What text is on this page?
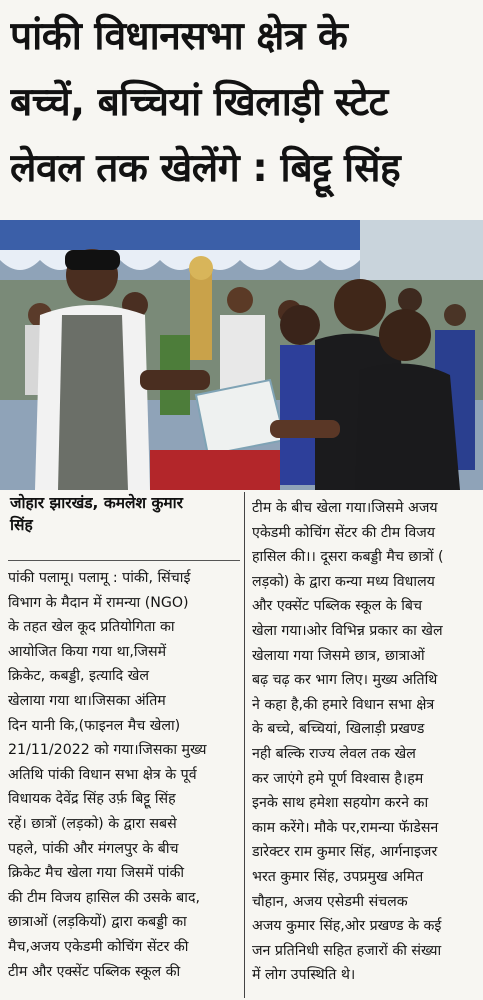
पांकी विधानसभा क्षेत्र के
बच्चें, बच्चियां खिलाड़ी स्टेट
लेवल तक खेलेंगे : बिट्टू सिंह
जोहार झारखंड, कमलेश कुमार
सिंह
पांकी पलामू। पलामू : पांकी, सिंचाई
विभाग के मैदान में रामन्या (NGO)
के तहत खेल कूद प्रतियोगिता का
आयोजित किया गया था,जिसमें
क्रिकेट, कबड्डी, इत्यादि खेल
खेलाया गया था।जिसका अंतिम
दिन यानी कि,(फाइनल मैच खेला)
21/11/2022 को गया।जिसका मुख्य
अतिथि पांकी विधान सभा क्षेत्र के पूर्व
विधायक देवेंद्र सिंह उर्फ़ बिट्टू सिंह
रहें। छात्रों (लड़को) के द्वारा सबसे
पहले, पांकी और मंगलपुर के बीच
क्रिकेट मैच खेला गया जिसमें पांकी
की टीम विजय हासिल की उसके बाद,
छात्राओं (लड़कियों) द्वारा कबड्डी का
मैच,अजय एकेडमी कोचिंग सेंटर की
टीम और एक्सेंट पब्लिक स्कूल की
टीम के बीच खेला गया।जिसमे अजय
एकेडमी कोचिंग सेंटर की टीम विजय
हासिल की।। दूसरा कबड्डी मैच छात्रों (
लड़को) के द्वारा कन्या मध्य विधालय
और एक्सेंट पब्लिक स्कूल के बिच
खेला गया।ओर विभिन्न प्रकार का खेल
खेलाया गया जिसमे छात्र, छात्राओं
बढ़ चढ़ कर भाग लिए। मुख्य अतिथि
ने कहा है,की हमारे विधान सभा क्षेत्र
के बच्चे, बच्चियां, खिलाड़ी प्रखण्ड
नही बल्कि राज्य लेवल तक खेल
कर जाएंगे हमे पूर्ण विश्वास है।हम
इनके साथ हमेशा सहयोग करने का
काम करेंगे। मौके पर,रामन्या फॅाडेसन
डारेक्टर राम कुमार सिंह, आर्गनाइजर
भरत कुमार सिंह, उपप्रमुख अमित
चौहान, अजय एसेडमी संचलक
अजय कुमार सिंह,ओर प्रखण्ड के कई
जन प्रतिनिधी सहित हजारों की संख्या
में लोग उपस्थिति थे।
